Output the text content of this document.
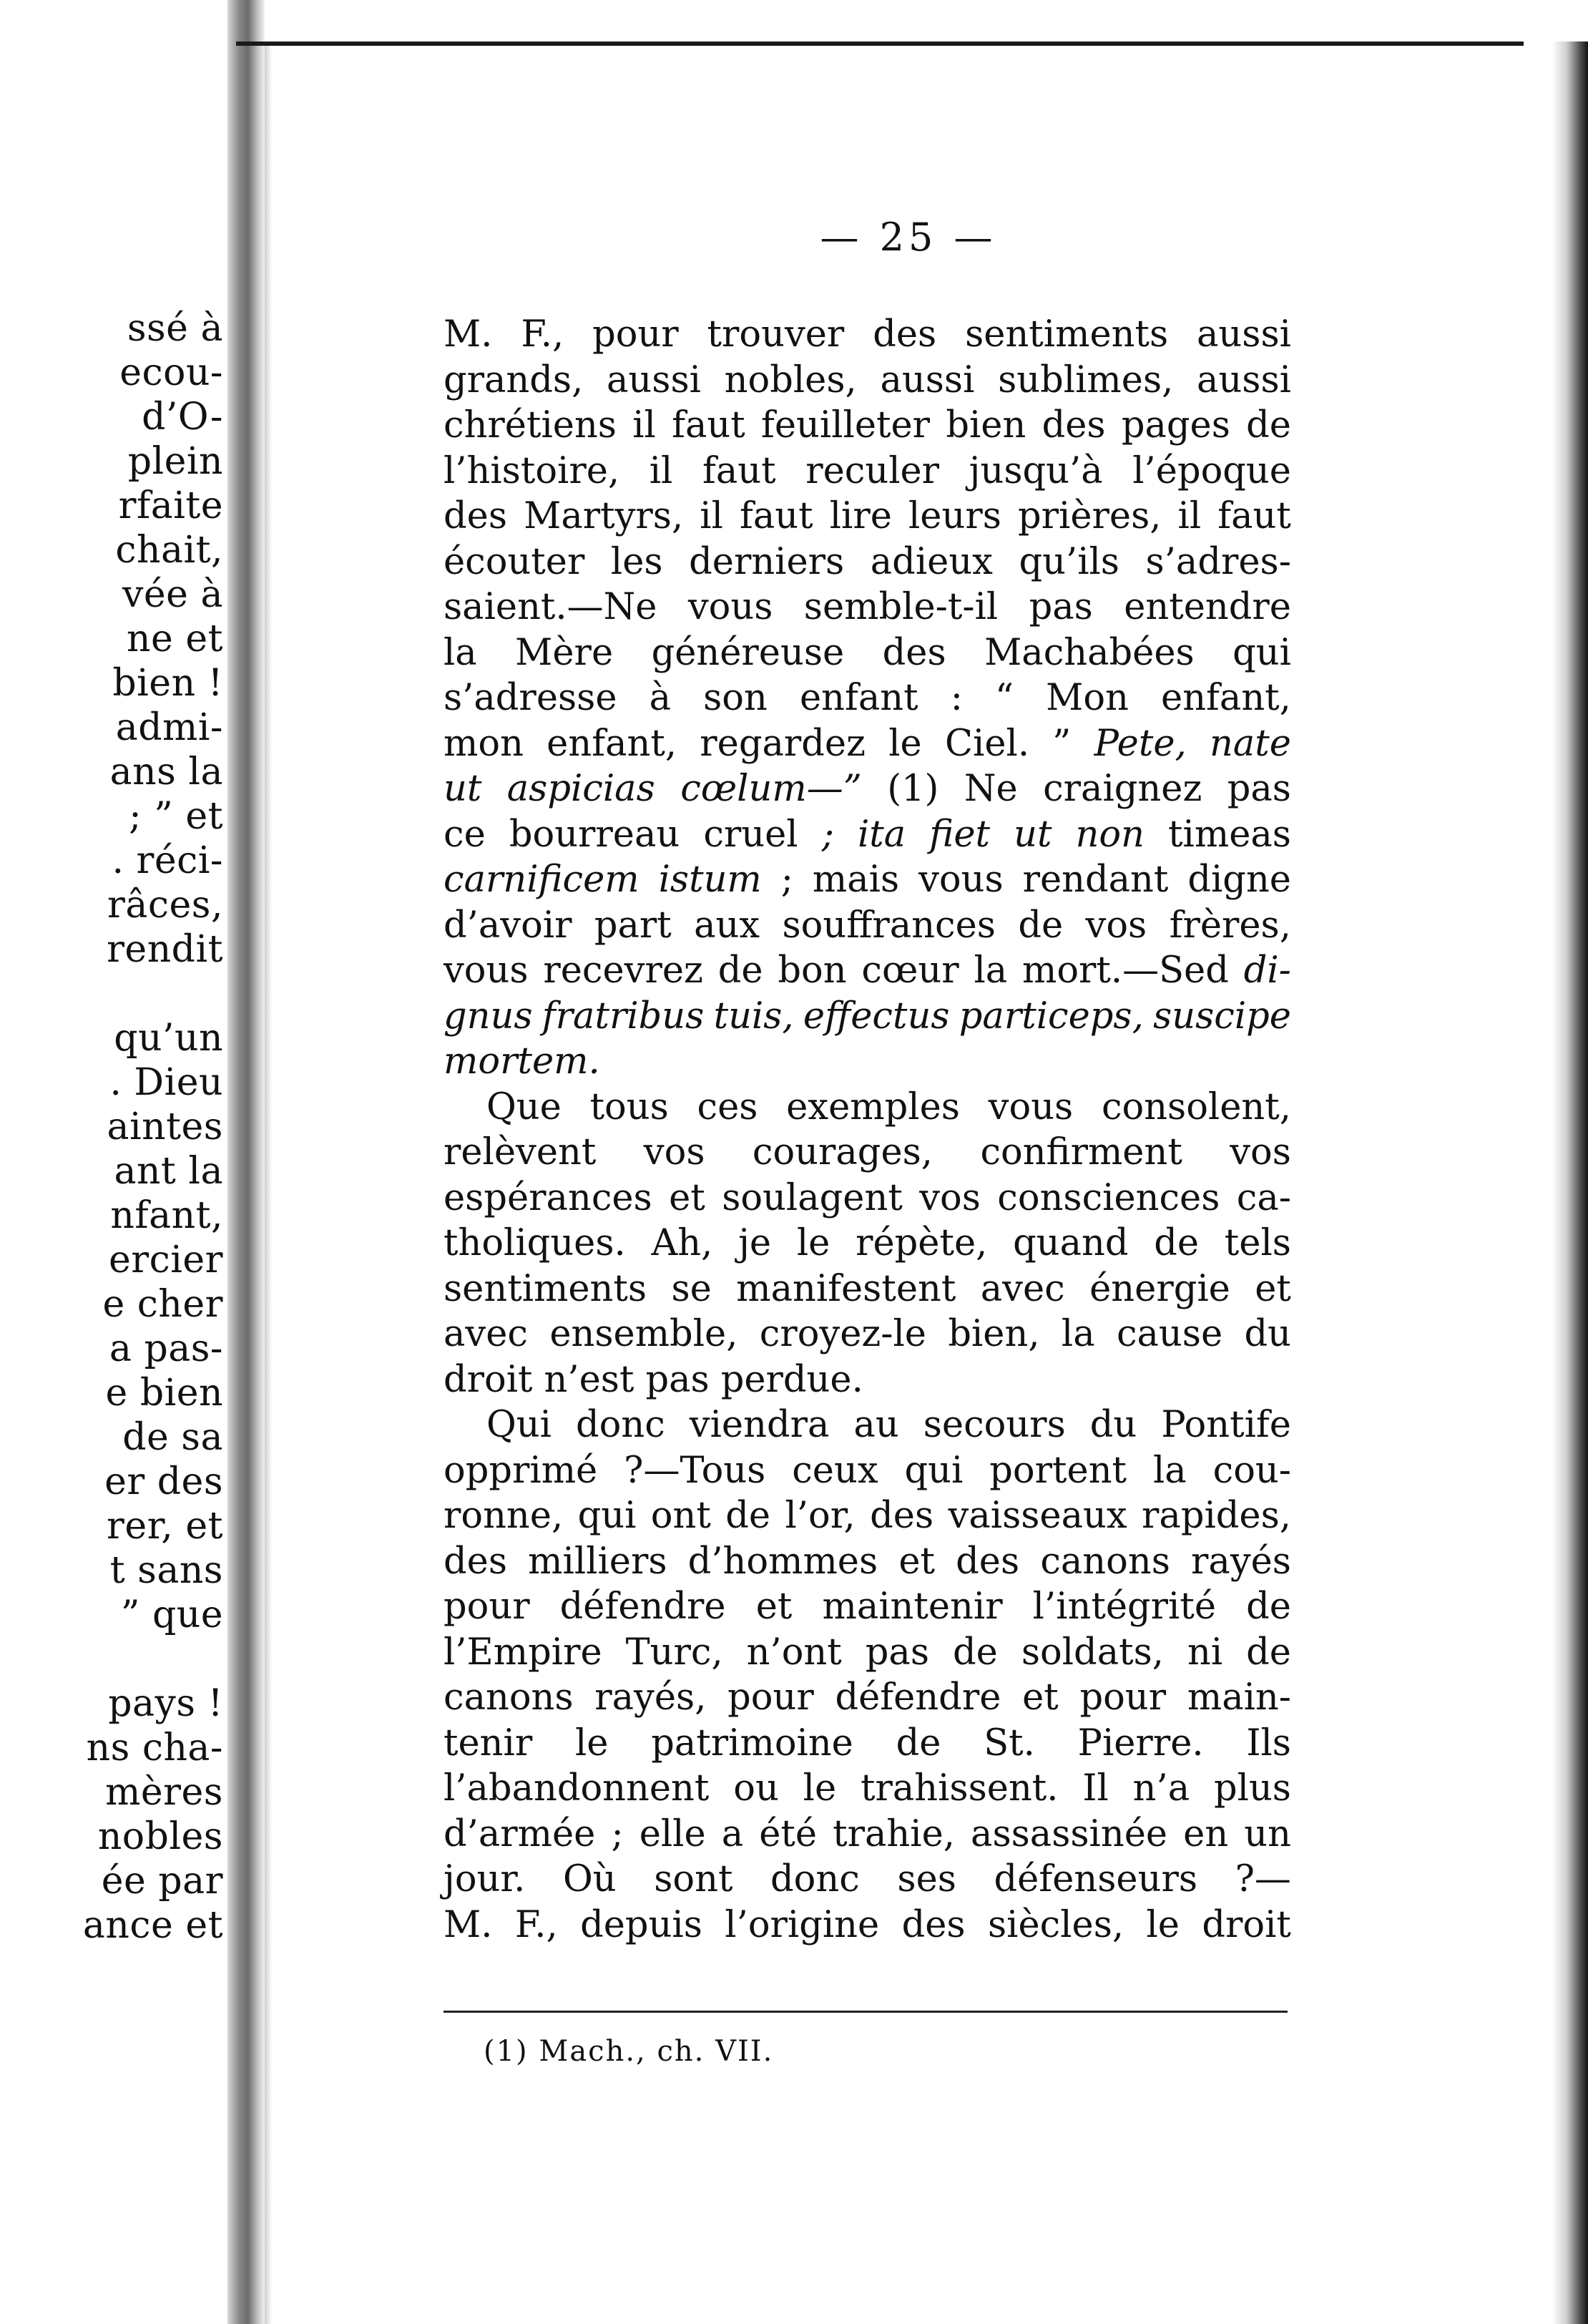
ssé à
ecou-
d’O-
plein
rfaite
chait,
vée à
ne et
bien !
admi-
ans la
; ” et
. réci-
râces,
rendit
qu’un
. Dieu
aintes
ant la
nfant,
ercier
e cher
a pas-
e bien
de sa
er des
rer, et
t sans
” que
pays !
ns cha-
mères
nobles
ée par
ance et
— 25 —
M. F., pour trouver des sentiments aussi
grands, aussi nobles, aussi sublimes, aussi
chrétiens il faut feuilleter bien des pages de
l’histoire, il faut reculer jusqu’à l’époque
des Martyrs, il faut lire leurs prières, il faut
écouter les derniers adieux qu’ils s’adres-
saient.—Ne vous semble-t-il pas entendre
la Mère généreuse des Machabées qui
s’adresse à son enfant : “ Mon enfant,
mon enfant, regardez le Ciel. ” Pete, nate
ut aspicias cœlum—” (1) Ne craignez pas
ce bourreau cruel ; ita fiet ut non timeas
carnificem istum ; mais vous rendant digne
d’avoir part aux souffrances de vos frères,
vous recevrez de bon cœur la mort.—Sed di-
gnus fratribus tuis, effectus particeps, suscipe
mortem.
Que tous ces exemples vous consolent,
relèvent vos courages, confirment vos
espérances et soulagent vos consciences ca-
tholiques. Ah, je le répète, quand de tels
sentiments se manifestent avec énergie et
avec ensemble, croyez-le bien, la cause du
droit n’est pas perdue.
Qui donc viendra au secours du Pontife
opprimé ?—Tous ceux qui portent la cou-
ronne, qui ont de l’or, des vaisseaux rapides,
des milliers d’hommes et des canons rayés
pour défendre et maintenir l’intégrité de
l’Empire Turc, n’ont pas de soldats, ni de
canons rayés, pour défendre et pour main-
tenir le patrimoine de St. Pierre. Ils
l’abandonnent ou le trahissent. Il n’a plus
d’armée ; elle a été trahie, assassinée en un
jour. Où sont donc ses défenseurs ?—
M. F., depuis l’origine des siècles, le droit
(1) Mach., ch. VII.
